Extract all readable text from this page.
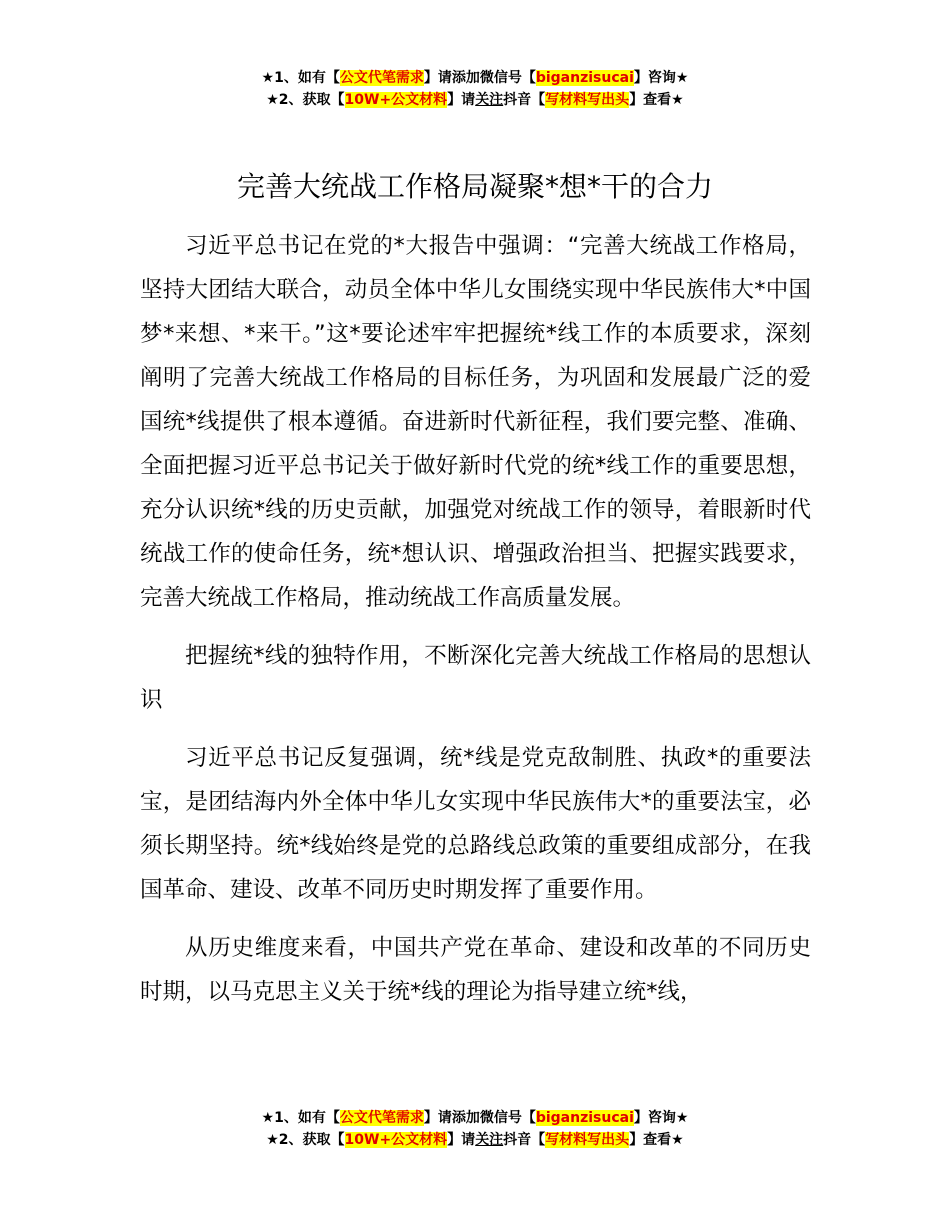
★1、如有【公文代笔需求】请添加微信号【biganzisucai】咨询★
★2、获取【10W+公文材料】请关注抖音【写材料写出头】查看★
完善大统战工作格局凝聚*想*干的合力

习近平总书记在党的*大报告中强调：“完善大统战工作格局，坚持大团结大联合，动员全体中华儿女围绕实现中华民族伟大*中国梦*来想、*来干。”这*要论述牢牢把握统*线工作的本质要求，深刻阐明了完善大统战工作格局的目标任务，为巩固和发展最广泛的爱国统*线提供了根本遵循。奋进新时代新征程，我们要完整、准确、全面把握习近平总书记关于做好新时代党的统*线工作的重要思想，充分认识统*线的历史贡献，加强党对统战工作的领导，着眼新时代统战工作的使命任务，统*想认识、增强政治担当、把握实践要求，完善大统战工作格局，推动统战工作高质量发展。

把握统*线的独特作用，不断深化完善大统战工作格局的思想认识

习近平总书记反复强调，统*线是党克敌制胜、执政*的重要法宝，是团结海内外全体中华儿女实现中华民族伟大*的重要法宝，必须长期坚持。统*线始终是党的总路线总政策的重要组成部分，在我国革命、建设、改革不同历史时期发挥了重要作用。

从历史维度来看，中国共产党在革命、建设和改革的不同历史时期，以马克思主义关于统*线的理论为指导建立统*线，

★1、如有【公文代笔需求】请添加微信号【biganzisucai】咨询★
★2、获取【10W+公文材料】请关注抖音【写材料写出头】查看★
